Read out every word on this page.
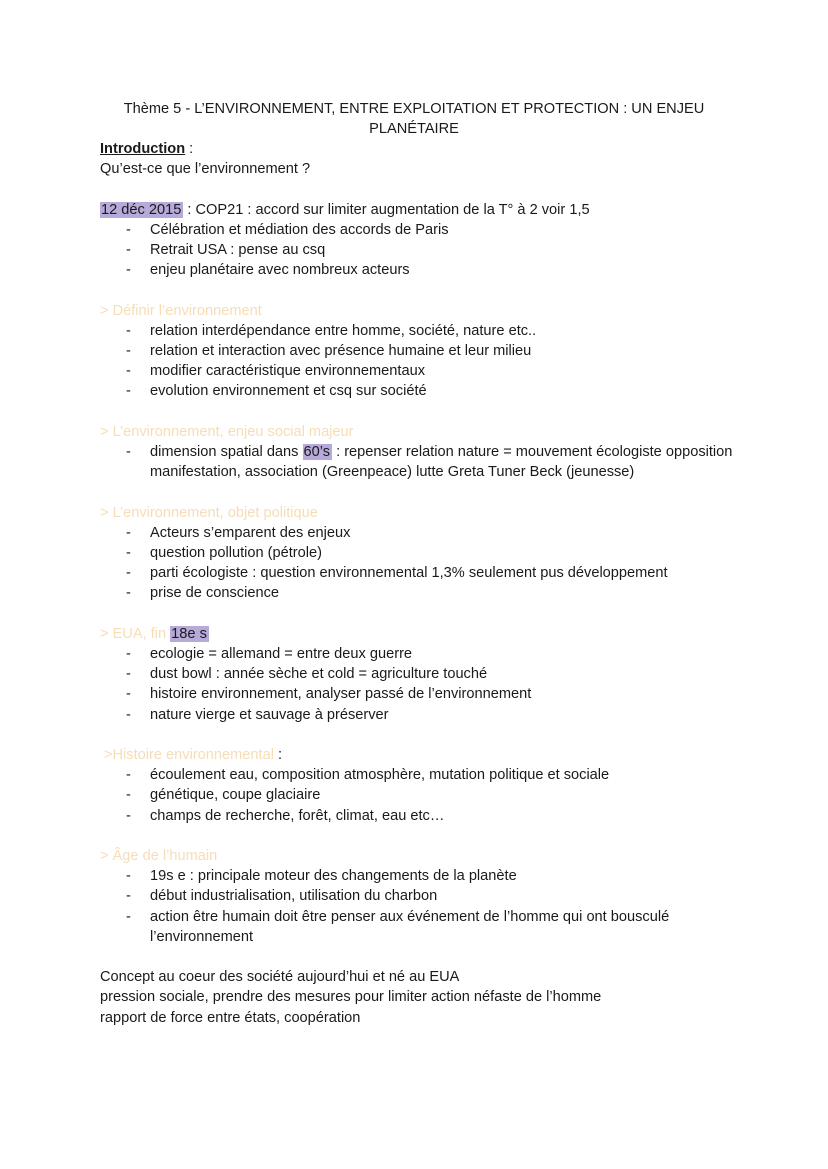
Thème 5 - L’ENVIRONNEMENT, ENTRE EXPLOITATION ET PROTECTION : UN ENJEU PLANÉTAIRE
Introduction :
Qu’est-ce que l’environnement ?
12 déc 2015 : COP21 : accord sur limiter augmentation de la T° à 2 voir 1,5
- Célébration et médiation des accords de Paris
- Retrait USA : pense au csq
- enjeu planétaire avec nombreux acteurs
> Définir l’environnement
- relation interdépendance entre homme, société, nature etc..
- relation et interaction avec présence humaine et leur milieu
- modifier caractéristique environnementaux
- evolution environnement et csq sur société
> L’environnement, enjeu social majeur
- dimension spatial dans 60’s : repenser relation nature = mouvement écologiste opposition manifestation, association (Greenpeace) lutte Greta Tuner Beck (jeunesse)
> L’environnement, objet politique
- Acteurs s’emparent des enjeux
- question pollution (pétrole)
- parti écologiste : question environnemental 1,3% seulement pus développement
- prise de conscience
> EUA, fin 18e s
- ecologie = allemand = entre deux guerre
- dust bowl : année sèche et cold = agriculture touché
- histoire environnement, analyser passé de l’environnement
- nature vierge et sauvage à préserver
>Histoire environnemental :
- écoulement eau, composition atmosphère, mutation politique et sociale
- génétique, coupe glaciaire
- champs de recherche, forêt, climat, eau etc…
> Âge de l’humain
- 19s e : principale moteur des changements de la planète
- début industrialisation, utilisation du charbon
- action être humain doit être penser aux événement de l’homme qui ont bousculé l’environnement
Concept au coeur des société aujourd’hui et né au EUA
pression sociale, prendre des mesures pour limiter action néfaste de l’homme
rapport de force entre états, coopération
